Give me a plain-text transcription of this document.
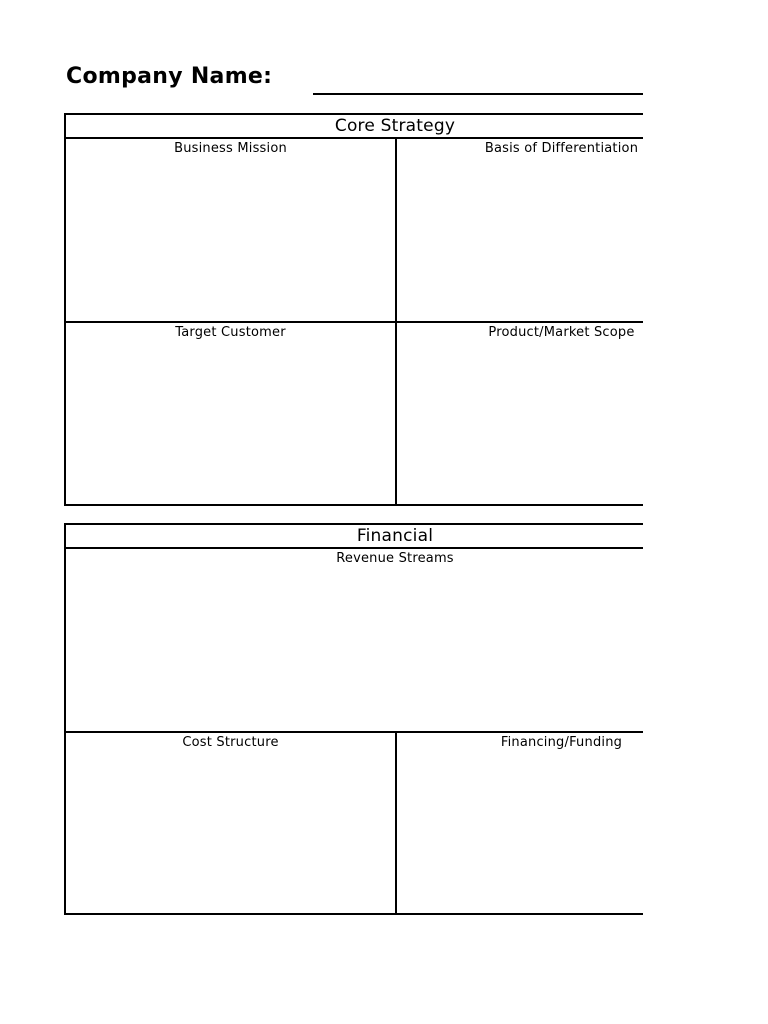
Company Name:
Core Strategy
Business Mission	Basis of Differentiation
Target Customer	Product/Market Scope
Financial
Revenue Streams
Cost Structure	Financing/Funding
